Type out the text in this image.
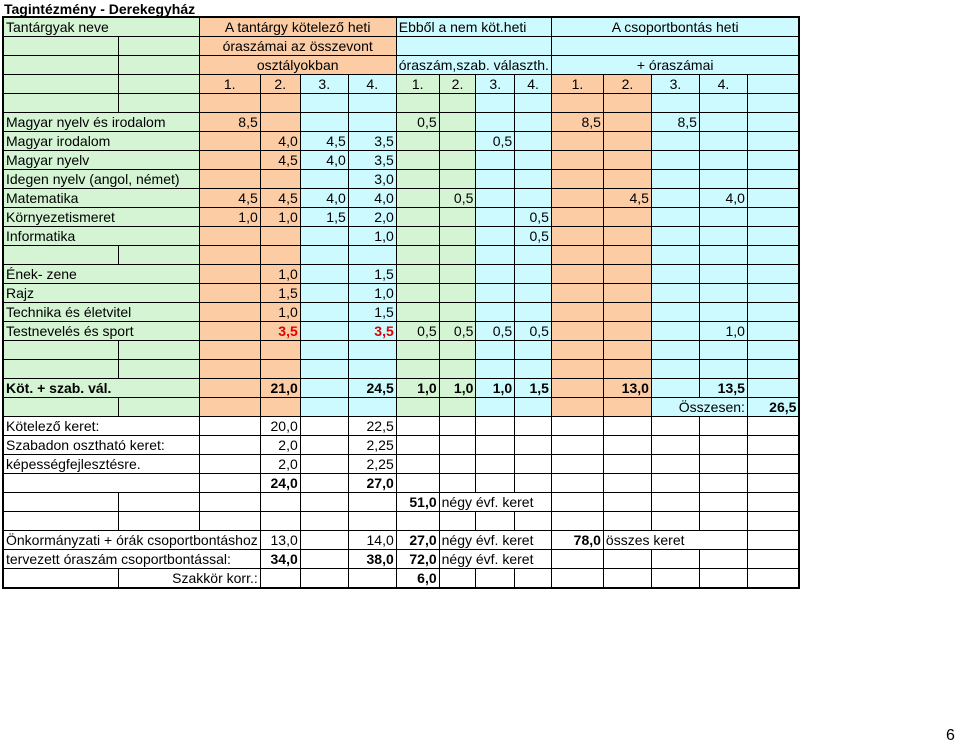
Tagintézmény - Derekegyház
Tantárgyak neve		A tantárgy kötelező heti				Ebből a nem köt.heti				A csoportbontás heti				
		óraszámai az összevont												
		osztályokban				óraszám,szab. választh.				+ óraszámai				
		1.	2.	3.	4.	1.	2.	3.	4.	1.	2.	3.	4.	

Magyar nyelv és irodalom		8,5				0,5				8,5		8,5		
Magyar irodalom			4,0	4,5	3,5			0,5						
Magyar nyelv			4,5	4,0	3,5									
Idegen nyelv (angol, német)					3,0									
Matematika		4,5	4,5	4,0	4,0		0,5				4,5		4,0	
Környezetismeret		1,0	1,0	1,5	2,0				0,5					
Informatika					1,0				0,5					

Ének- zene			1,0		1,5									
Rajz			1,5		1,0									
Technika és életvitel			1,0		1,5									
Testnevelés és sport			3,5		3,5	0,5	0,5	0,5	0,5				1,0	

Köt. + szab. vál.			21,0		24,5	1,0	1,0	1,0	1,5		13,0		13,5	
												Összesen:		26,5
Kötelező keret:			20,0		22,5									
Szabadon osztható keret:			2,0		2,25									
képességfejlesztésre.			2,0		2,25									
			24,0		27,0									
						51,0	négy évf. keret							

Önkormányzati + órák csoportbontáshoz			13,0		14,0	27,0	négy évf. keret			78,0	összes keret			
tervezett óraszám csoportbontással:			34,0		38,0	72,0	négy évf. keret							
	Szakkör korr.:					6,0								
6
